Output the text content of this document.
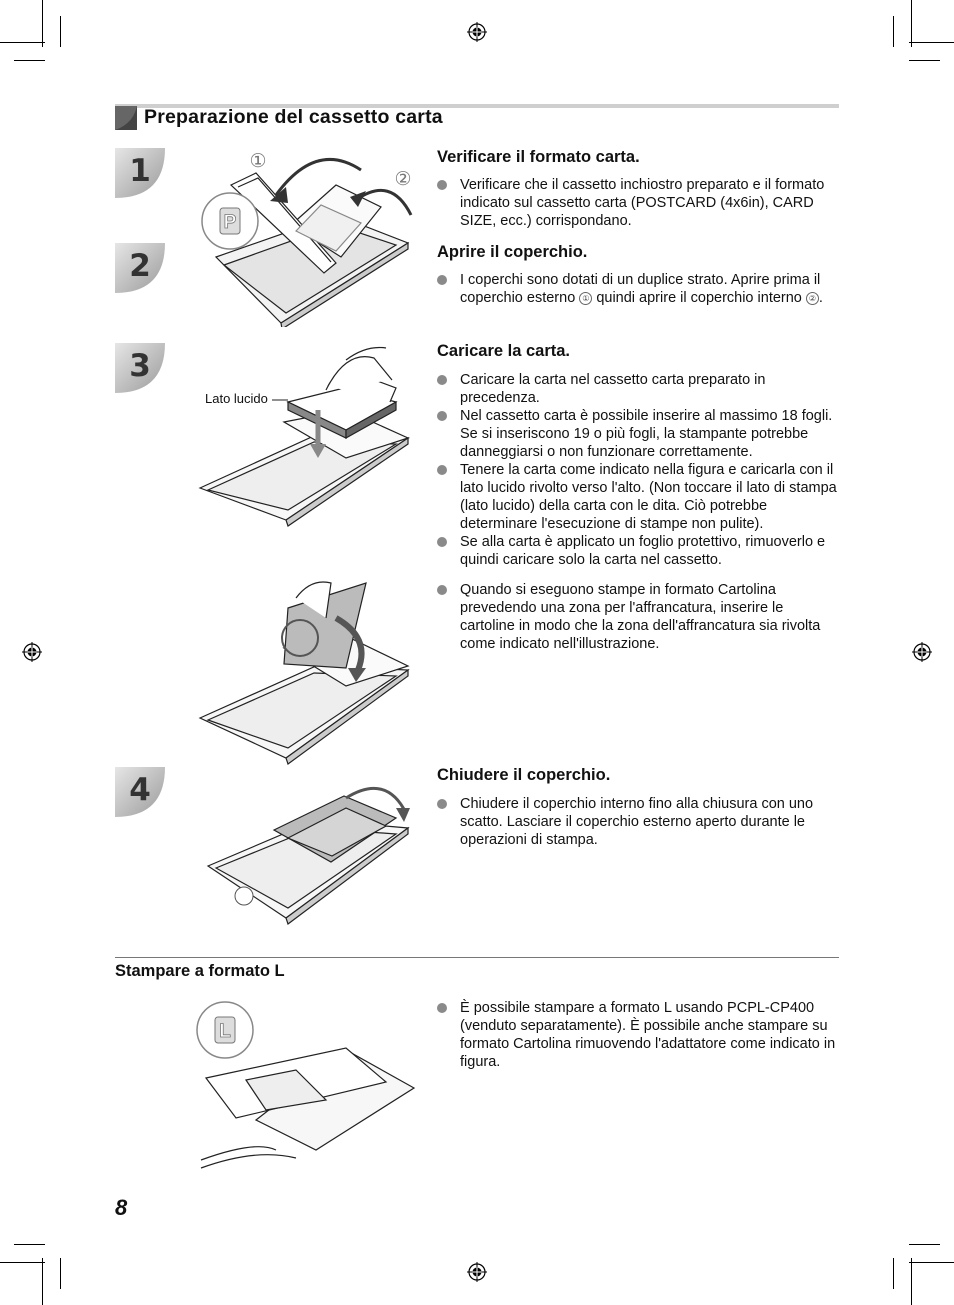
Preparazione del cassetto carta
1
2
3
4
P
①
②
Verificare il formato carta.
Verificare che il cassetto inchiostro preparato e il formato indicato sul cassetto carta (POSTCARD (4x6in), CARD SIZE, ecc.) corrispondano.
Aprire il coperchio.
I coperchi sono dotati di un duplice strato. Aprire prima il coperchio esterno ① quindi aprire il coperchio interno ② .
Lato lucido
Caricare la carta.
Caricare la carta nel cassetto carta preparato in precedenza.
Nel cassetto carta è possibile inserire al massimo 18 fogli. Se si inseriscono 19 o più fogli, la stampante potrebbe danneggiarsi o non funzionare correttamente.
Tenere la carta come indicato nella figura e caricarla con il lato lucido rivolto verso l'alto. (Non toccare il lato di stampa (lato lucido) della carta con le dita. Ciò potrebbe determinare l'esecuzione di stampe non pulite).
Se alla carta è applicato un foglio protettivo, rimuoverlo e quindi caricare solo la carta nel cassetto.
Quando si eseguono stampe in formato Cartolina prevedendo una zona per l'affrancatura, inserire le cartoline in modo che la zona dell'affrancatura sia rivolta come indicato nell'illustrazione.
Chiudere il coperchio.
Chiudere il coperchio interno fino alla chiusura con uno scatto. Lasciare il coperchio esterno aperto durante le operazioni di stampa.
Stampare a formato L
L
È possibile stampare a formato L usando PCPL-CP400 (venduto separatamente). È possibile anche stampare su formato Cartolina rimuovendo l'adattatore come indicato in figura.
8
